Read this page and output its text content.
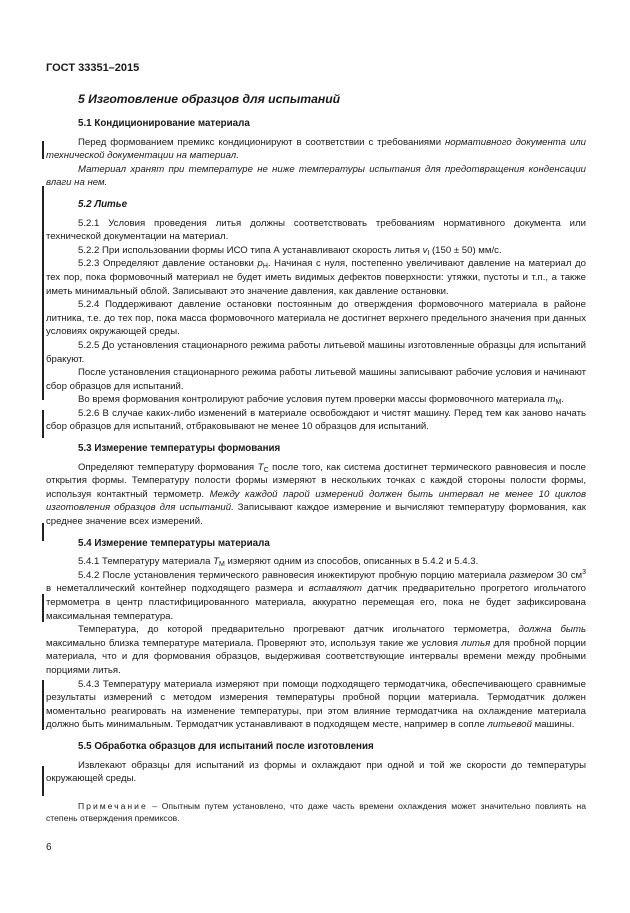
ГОСТ 33351–2015
5 Изготовление образцов для испытаний
5.1 Кондиционирование материала

Перед формованием премикс кондиционируют в соответствии с требованиями нормативного документа или технической документации на материал.

Материал хранят при температуре не ниже температуры испытания для предотвращения конденсации влаги на нем.

5.2 Литье

5.2.1 Условия проведения литья должны соответствовать требованиям нормативного документа или технической документации на материал.

5.2.2 При использовании формы ИСО типа А устанавливают скорость литья $v_I$ (150 ± 50) мм/с.

5.2.3 Определяют давление остановки $p_H$. Начиная с нуля, постепенно увеличивают давление на материал до тех пор, пока формовочный материал не будет иметь видимых дефектов поверхности: утяжки, пустоты и т.п., а также иметь минимальный облой. Записывают это значение давления, как давление остановки.

5.2.4 Поддерживают давление остановки постоянным до отверждения формовочного материала в районе литника, т.е. до тех пор, пока масса формовочного материала не достигнет верхнего предельного значения при данных условиях окружающей среды.

5.2.5 До установления стационарного режима работы литьевой машины изготовленные образцы для испытаний бракуют.

После установления стационарного режима работы литьевой машины записывают рабочие условия и начинают сбор образцов для испытаний.

Во время формования контролируют рабочие условия путем проверки массы формовочного материала $m_M$.

5.2.6 В случае каких-либо изменений в материале освобождают и чистят машину. Перед тем как заново начать сбор образцов для испытаний, отбраковывают не менее 10 образцов для испытаний.

5.3 Измерение температуры формования

Определяют температуру формования $T_C$ после того, как система достигнет термического равновесия и после открытия формы. Температуру полости формы измеряют в нескольких точках с каждой стороны полости формы, используя контактный термометр. Между каждой парой измерений должен быть интервал не менее 10 циклов изготовления образцов для испытаний. Записывают каждое измерение и вычисляют температуру формования, как среднее значение всех измерений.

5.4 Измерение температуры материала

5.4.1 Температуру материала $T_M$ измеряют одним из способов, описанных в 5.4.2 и 5.4.3.

5.4.2 После установления термического равновесия инжектируют пробную порцию материала размером 30 $см^3$ в неметаллический контейнер подходящего размера и вставляют датчик предварительно прогретого игольчатого термометра в центр пластифицированного материала, аккуратно перемещая его, пока не будет зафиксирована максимальная температура.

Температура, до которой предварительно прогревают датчик игольчатого термометра, должна быть максимально близка температуре материала. Проверяют это, используя такие же условия литья для пробной порции материала, что и для формования образцов, выдерживая соответствующие интервалы времени между пробными порциями литья.

5.4.3 Температуру материала измеряют при помощи подходящего термодатчика, обеспечивающего сравнимые результаты измерений с методом измерения температуры пробной порции материала. Термодатчик должен моментально реагировать на изменение температуры, при этом влияние термодатчика на охлаждение материала должно быть минимальным. Термодатчик устанавливают в подходящем месте, например в сопле литьевой машины.

5.5 Обработка образцов для испытаний после изготовления

Извлекают образцы для испытаний из формы и охлаждают при одной и той же скорости до температуры окружающей среды.

Примечание – Опытным путем установлено, что даже часть времени охлаждения может значительно повлиять на степень отверждения премиксов.

6
